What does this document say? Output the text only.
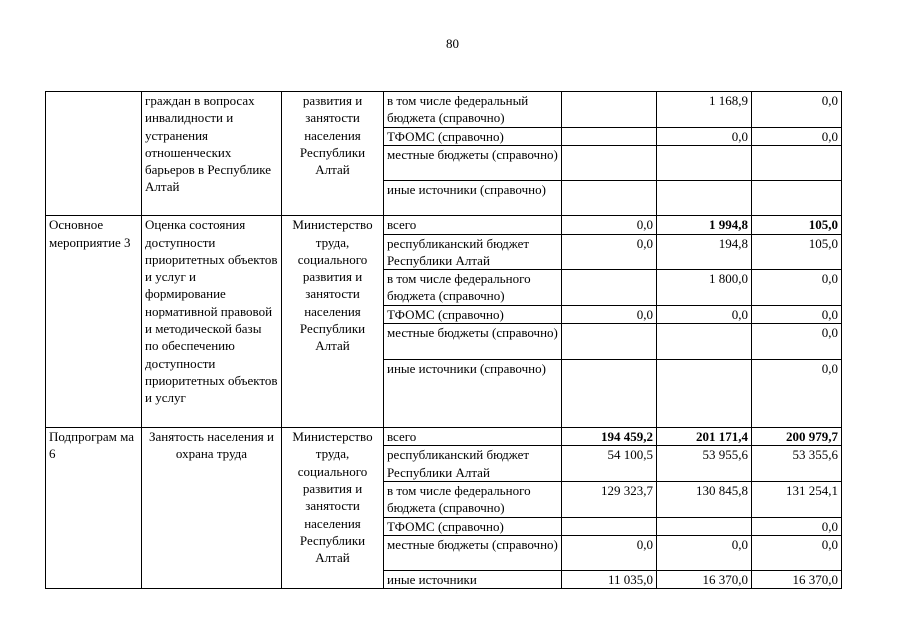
80
	граждан в вопросах инвалидности и устранения отношенческих барьеров в Республике Алтай	развития и занятости населения Республики Алтай	в том числе федеральный бюджета (справочно)		1 168,9	0,0
			ТФОМС (справочно)		0,0	0,0
			местные бюджеты (справочно)			
			иные источники (справочно)			
Основное мероприятие 3	Оценка состояния доступности приоритетных объектов и услуг и формирование нормативной правовой и методической базы по обеспечению доступности приоритетных объектов и услуг	Министерство труда, социального развития и занятости населения Республики Алтай	всего	0,0	1 994,8	105,0
			республиканский бюджет Республики Алтай	0,0	194,8	105,0
			в том числе федерального бюджета (справочно)		1 800,0	0,0
			ТФОМС (справочно)	0,0	0,0	0,0
			местные бюджеты (справочно)			0,0
			иные источники (справочно)			0,0
Подпрограм ма 6	Занятость населения и охрана труда	Министерство труда, социального развития и занятости населения Республики Алтай	всего	194 459,2	201 171,4	200 979,7
			республиканский бюджет Республики Алтай	54 100,5	53 955,6	53 355,6
			в том числе федерального бюджета (справочно)	129 323,7	130 845,8	131 254,1
			ТФОМС (справочно)			0,0
			местные бюджеты (справочно)	0,0	0,0	0,0
			иные источники	11 035,0	16 370,0	16 370,0
